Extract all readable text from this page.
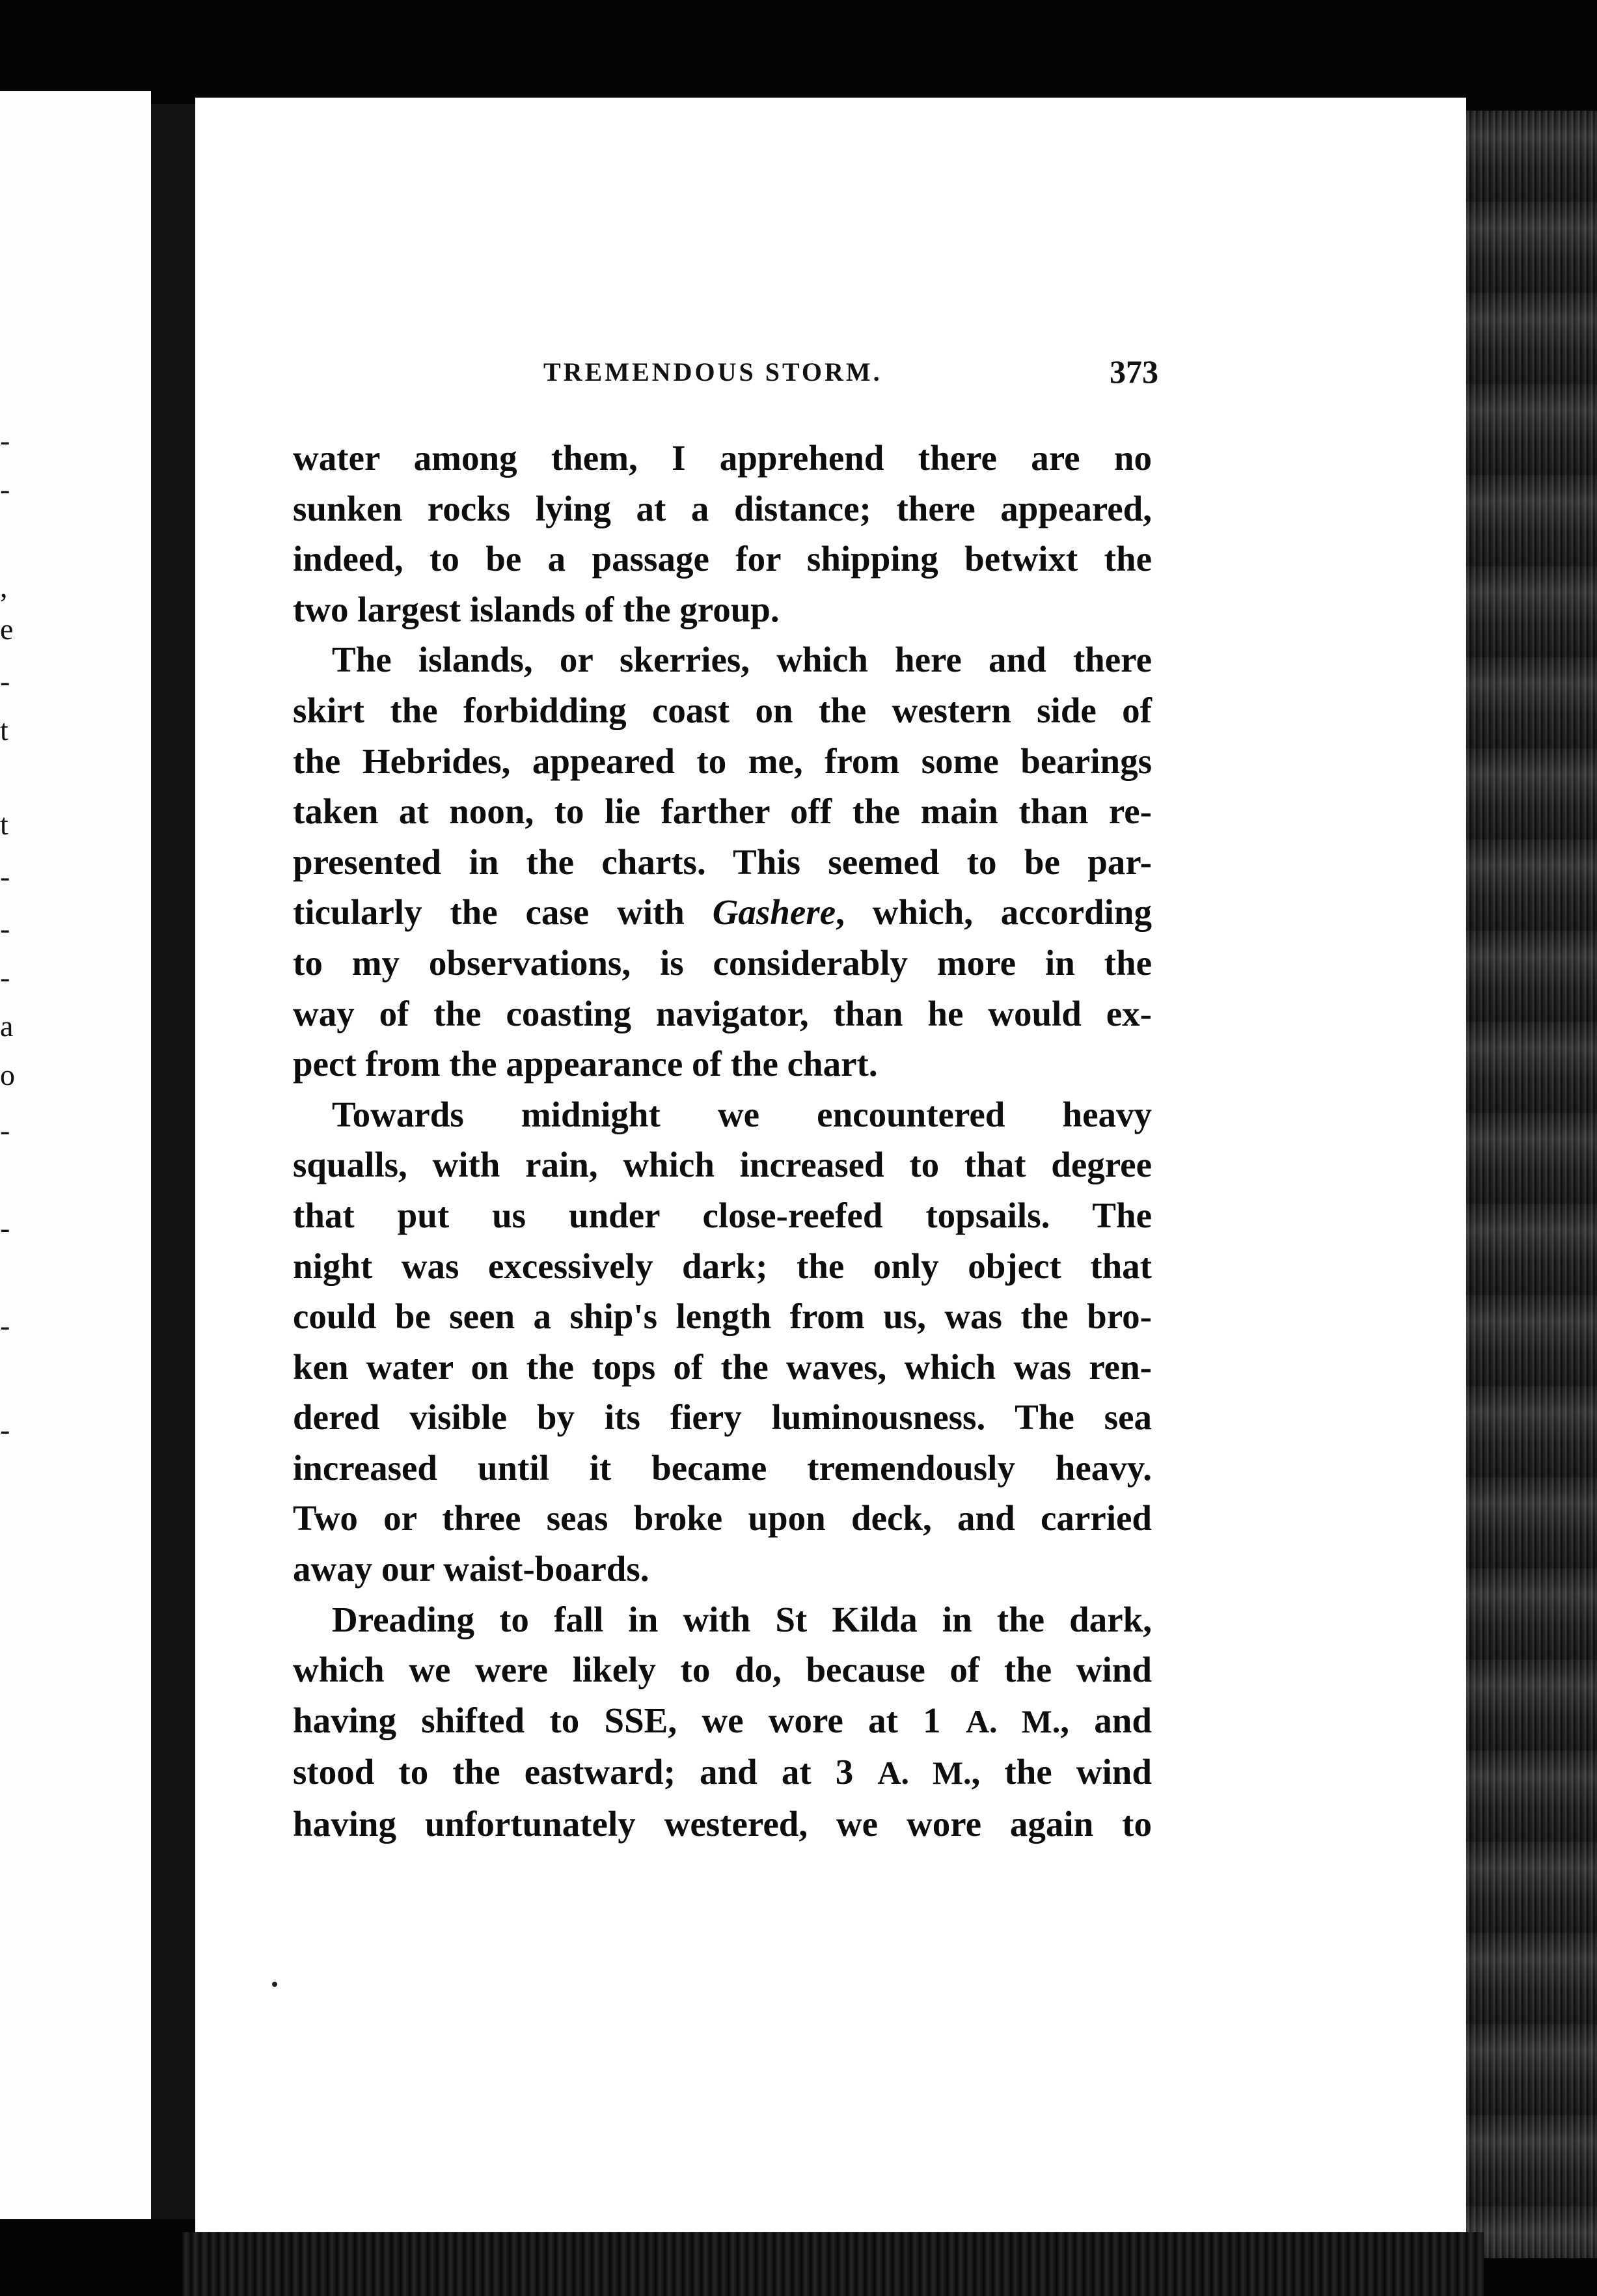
-
-
,
e
-
t
t
-
-
-
a
o
-
-
-
-
TREMENDOUS STORM.	373
water among them, I apprehend there are no
sunken rocks lying at a distance; there appeared,
indeed, to be a passage for shipping betwixt the
two largest islands of the group.
The islands, or skerries, which here and there
skirt the forbidding coast on the western side of
the Hebrides, appeared to me, from some bearings
taken at noon, to lie farther off the main than re-
presented in the charts. This seemed to be par-
ticularly the case with Gashere, which, according
to my observations, is considerably more in the
way of the coasting navigator, than he would ex-
pect from the appearance of the chart.
Towards midnight we encountered heavy
squalls, with rain, which increased to that degree
that put us under close-reefed topsails. The
night was excessively dark; the only object that
could be seen a ship's length from us, was the bro-
ken water on the tops of the waves, which was ren-
dered visible by its fiery luminousness. The sea
increased until it became tremendously heavy.
Two or three seas broke upon deck, and carried
away our waist-boards.
Dreading to fall in with St Kilda in the dark,
which we were likely to do, because of the wind
having shifted to SSE, we wore at 1 A. M., and
stood to the eastward; and at 3 A. M., the wind
having unfortunately westered, we wore again to
